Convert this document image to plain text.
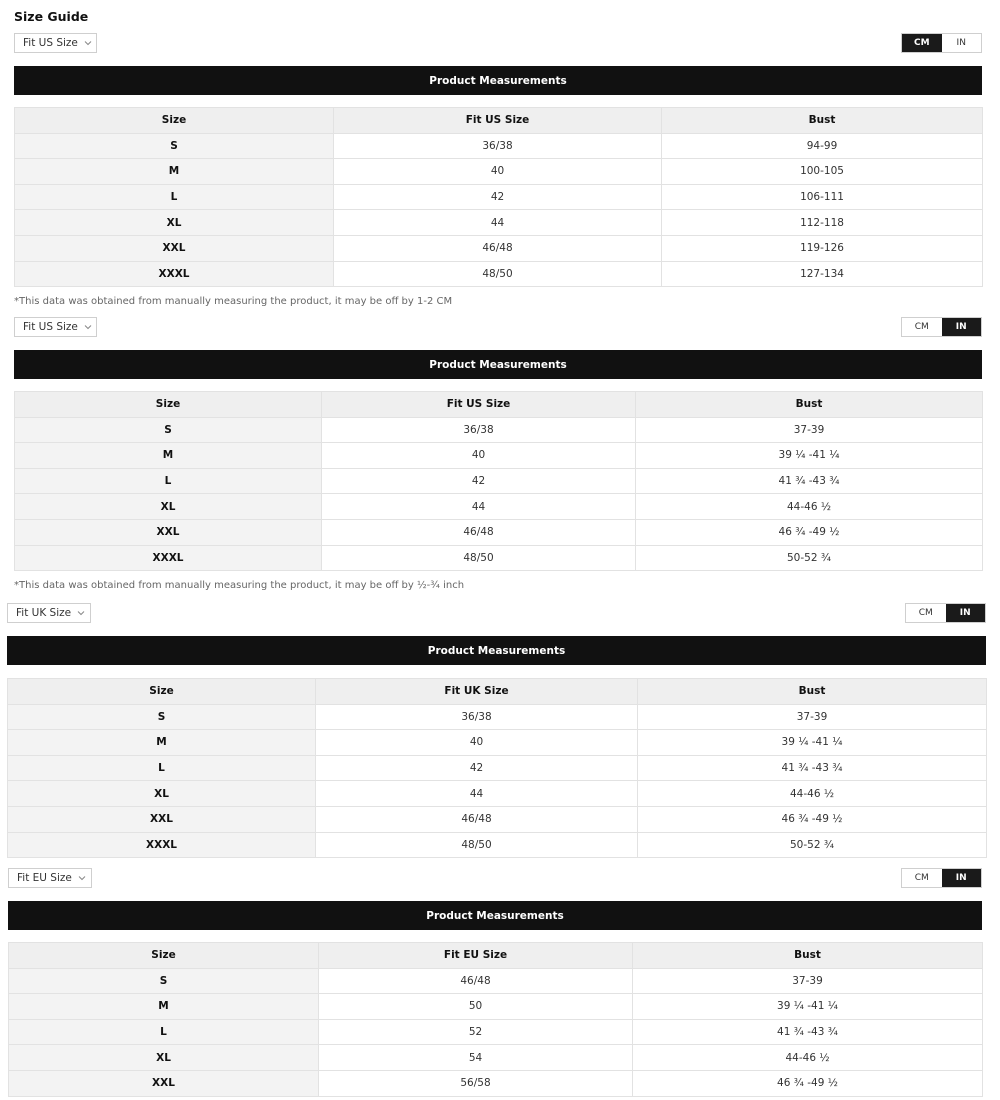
Size Guide
Fit US Size	CM	IN
Product Measurements
Size	Fit US Size	Bust
S	36/38	94-99
M	40	100-105
L	42	106-111
XL	44	112-118
XXL	46/48	119-126
XXXL	48/50	127-134
*This data was obtained from manually measuring the product, it may be off by 1-2 CM
Fit US Size	CM	IN
Product Measurements
Size	Fit US Size	Bust
S	36/38	37-39
M	40	39 ¼ -41 ¼
L	42	41 ¾ -43 ¾
XL	44	44-46 ½
XXL	46/48	46 ¾ -49 ½
XXXL	48/50	50-52 ¾
*This data was obtained from manually measuring the product, it may be off by ½-¾ inch
Fit UK Size	CM	IN
Product Measurements
Size	Fit UK Size	Bust
S	36/38	37-39
M	40	39 ¼ -41 ¼
L	42	41 ¾ -43 ¾
XL	44	44-46 ½
XXL	46/48	46 ¾ -49 ½
XXXL	48/50	50-52 ¾
Fit EU Size	CM	IN
Product Measurements
Size	Fit EU Size	Bust
S	46/48	37-39
M	50	39 ¼ -41 ¼
L	52	41 ¾ -43 ¾
XL	54	44-46 ½
XXL	56/58	46 ¾ -49 ½
